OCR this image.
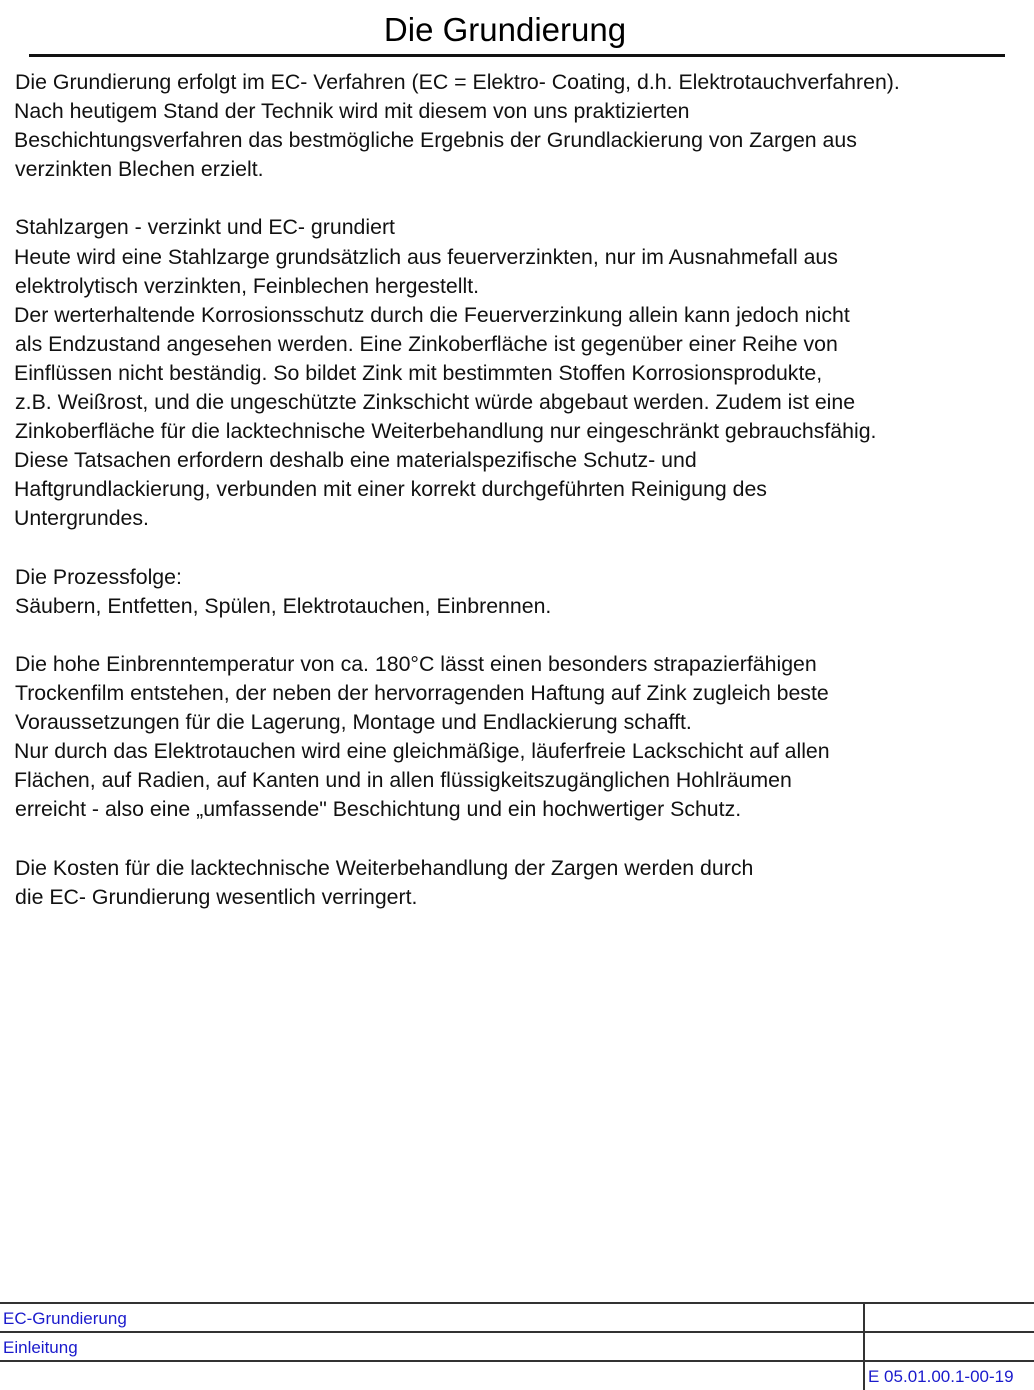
Die Grundierung
Die Grundierung erfolgt im EC- Verfahren (EC = Elektro- Coating, d.h. Elektrotauchverfahren).
Nach heutigem Stand der Technik wird mit diesem von uns praktizierten
Beschichtungsverfahren das bestmögliche Ergebnis der Grundlackierung von Zargen aus
verzinkten Blechen erzielt.
Stahlzargen - verzinkt und EC- grundiert
Heute wird eine Stahlzarge grundsätzlich aus feuerverzinkten, nur im Ausnahmefall aus
elektrolytisch verzinkten, Feinblechen hergestellt.
Der werterhaltende Korrosionsschutz durch die Feuerverzinkung allein kann jedoch nicht
als Endzustand angesehen werden. Eine Zinkoberfläche ist gegenüber einer Reihe von
Einflüssen nicht beständig. So bildet Zink mit bestimmten Stoffen Korrosionsprodukte,
z.B. Weißrost, und die ungeschützte Zinkschicht würde abgebaut werden. Zudem ist eine
Zinkoberfläche für die lacktechnische Weiterbehandlung nur eingeschränkt gebrauchsfähig.
Diese Tatsachen erfordern deshalb eine materialspezifische Schutz- und
Haftgrundlackierung, verbunden mit einer korrekt durchgeführten Reinigung des
Untergrundes.
Die Prozessfolge:
Säubern, Entfetten, Spülen, Elektrotauchen, Einbrennen.
Die hohe Einbrenntemperatur von ca. 180°C lässt einen besonders strapazierfähigen
Trockenfilm entstehen, der neben der hervorragenden Haftung auf Zink zugleich beste
Voraussetzungen für die Lagerung, Montage und Endlackierung schafft.
Nur durch das Elektrotauchen wird eine gleichmäßige, läuferfreie Lackschicht auf allen
Flächen, auf Radien, auf Kanten und in allen flüssigkeitszugänglichen Hohlräumen
erreicht - also eine „umfassende" Beschichtung und ein hochwertiger Schutz.
Die Kosten für die lacktechnische Weiterbehandlung der Zargen werden durch
die EC- Grundierung wesentlich verringert.
EC-Grundierung
Einleitung
E 05.01.00.1-00-19
